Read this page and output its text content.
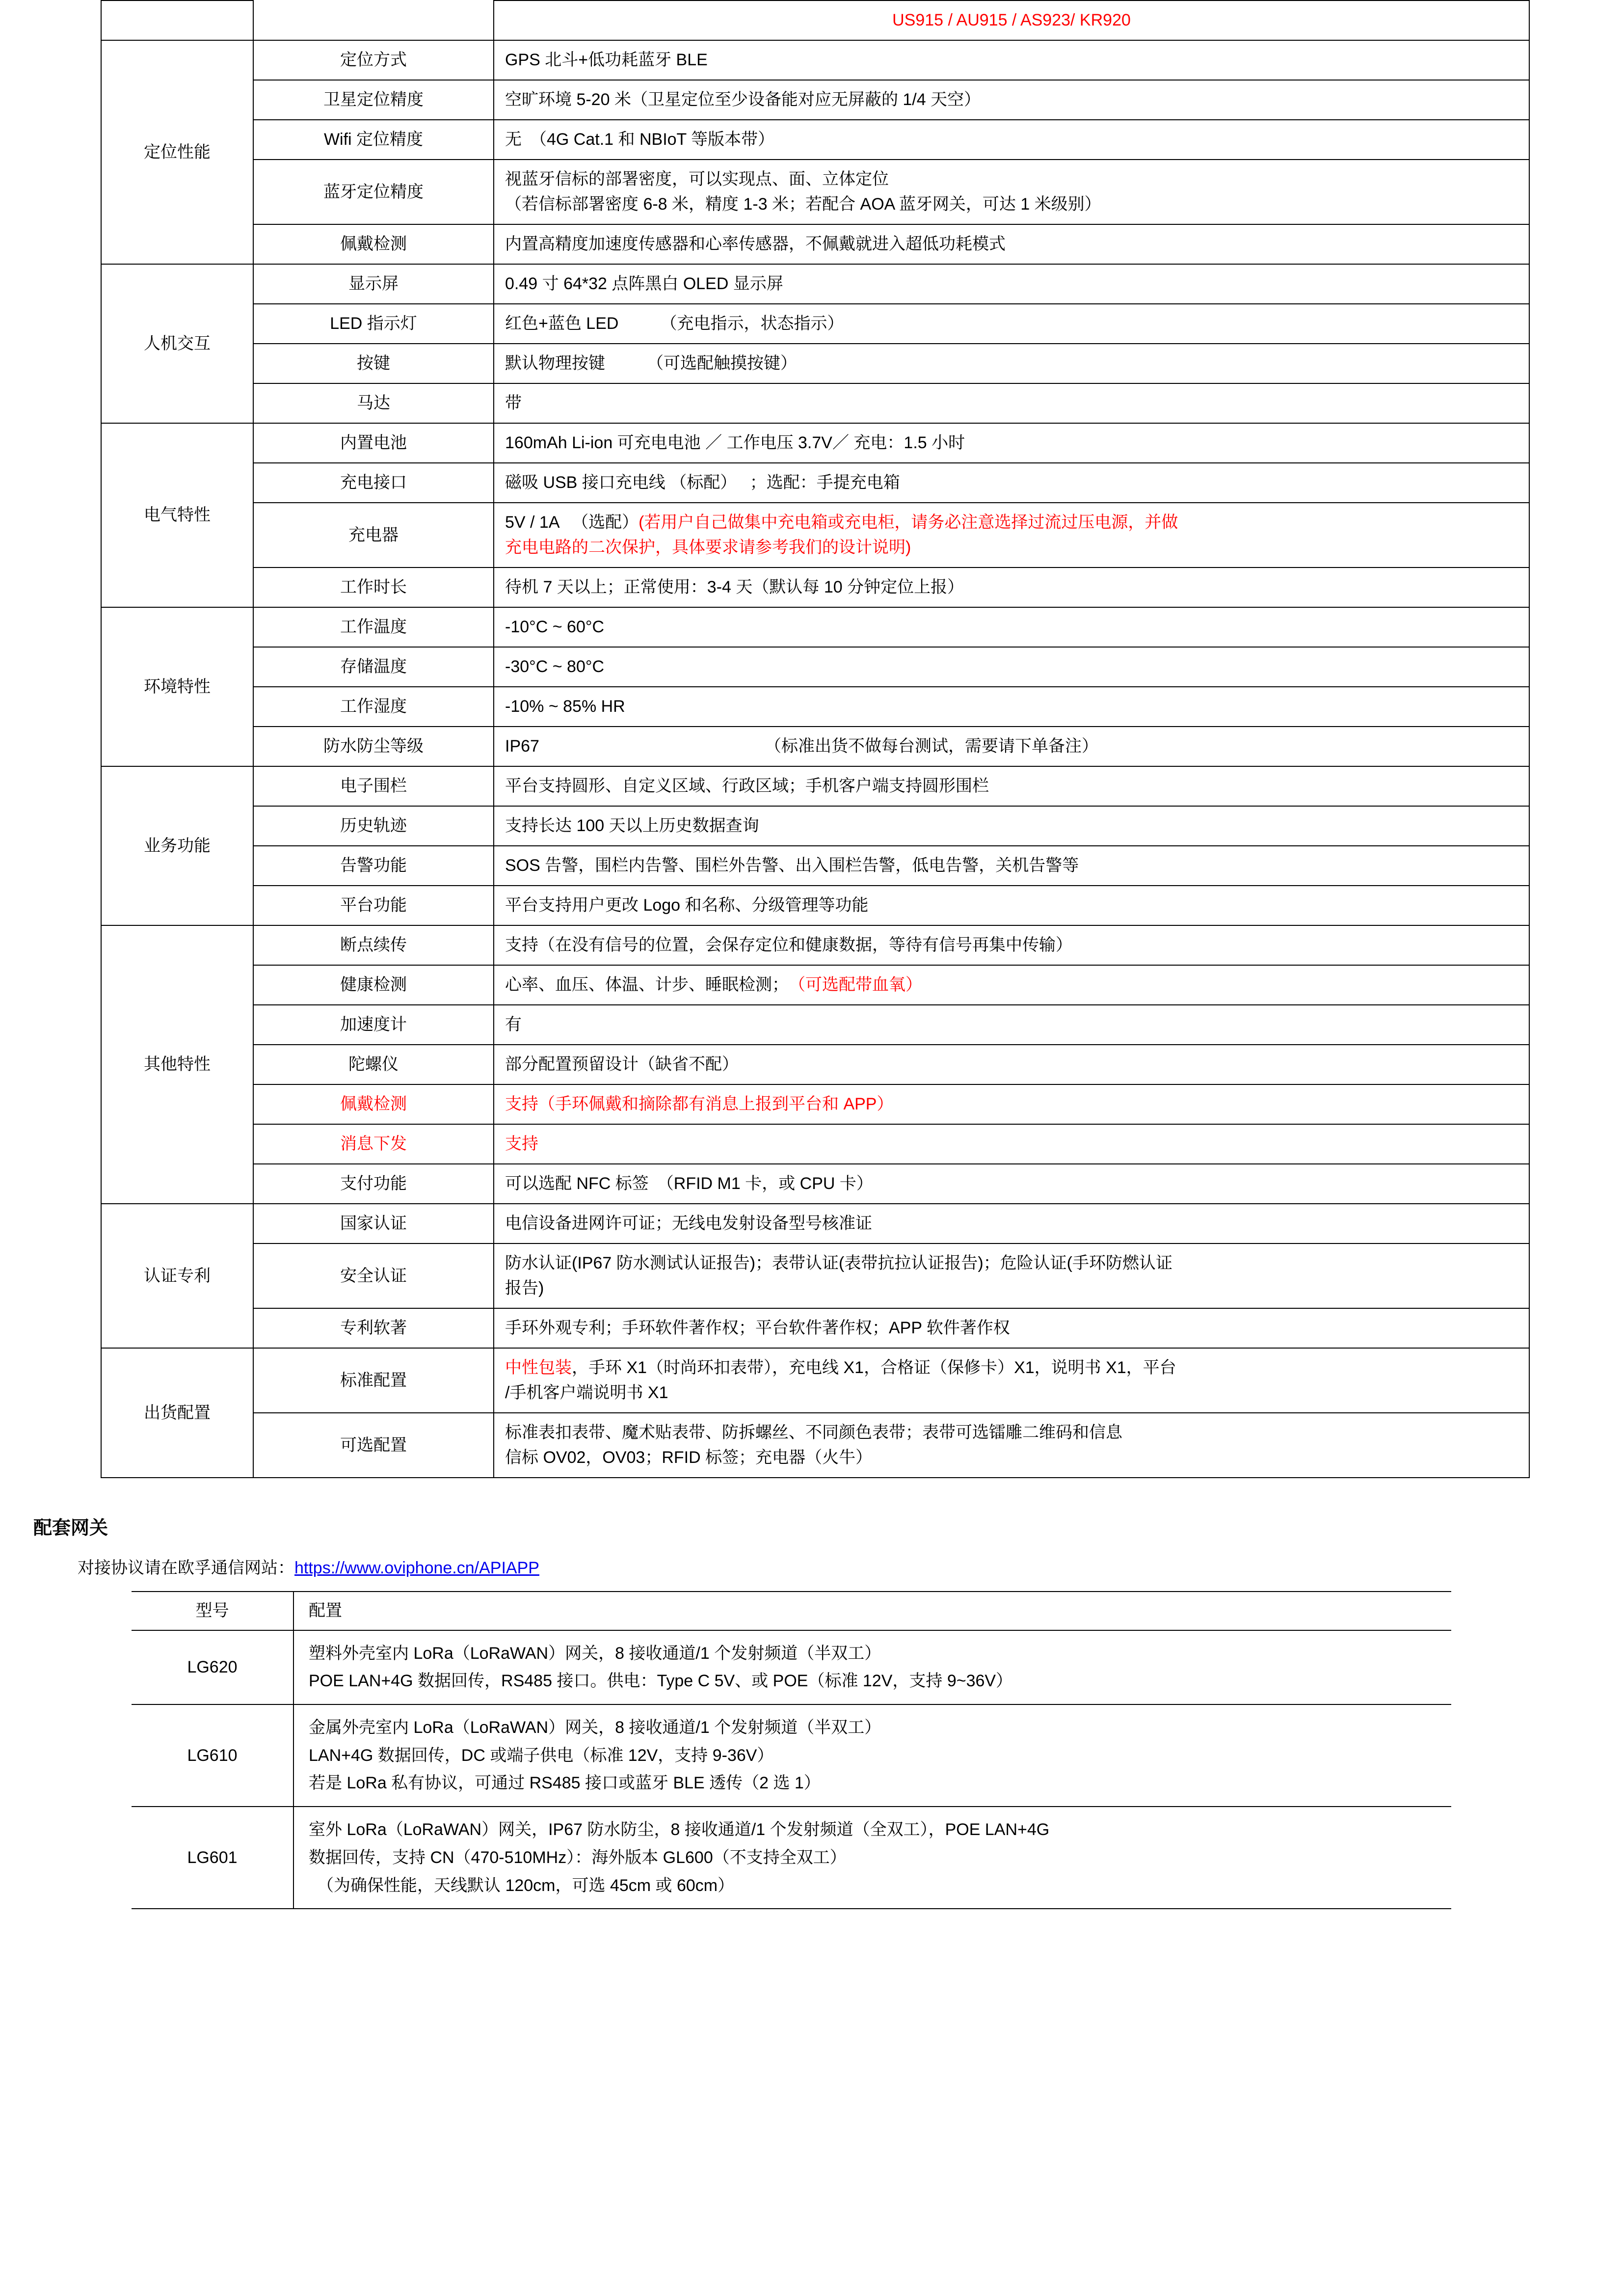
		US915 / AU915 / AS923/ KR920
定位性能	定位方式	GPS 北斗+低功耗蓝牙 BLE

	卫星定位精度	空旷环境 5-20 米（卫星定位至少设备能对应无屏蔽的 1/4 天空）

	Wifi 定位精度	无　（4G Cat.1 和 NBIoT 等版本带）

	蓝牙定位精度	视蓝牙信标的部署密度，可以实现点、面、立体定位
（若信标部署密度 6-8 米，精度 1-3 米；若配合 AOA 蓝牙网关，可达 1 米级别）

	佩戴检测	内置高精度加速度传感器和心率传感器，不佩戴就进入超低功耗模式

人机交互	显示屏	0.49 寸 64*32 点阵黑白 OLED 显示屏

	LED 指示灯	红色+蓝色 LED　　　（充电指示，状态指示）

	按键	默认物理按键　　　（可选配触摸按键）

	马达	带

电气特性	内置电池	160mAh Li-ion 可充电电池 ／ 工作电压 3.7V／ 充电：1.5 小时

	充电接口	磁吸 USB 接口充电线 （标配）　 ；选配：手提充电箱

	充电器	5V / 1A 　（选配）(若用户自己做集中充电箱或充电柜，请务必注意选择过流过压电源，并做
充电电路的二次保护，具体要求请参考我们的设计说明)

	工作时长	待机 7 天以上；正常使用：3-4 天（默认每 10 分钟定位上报）

环境特性	工作温度	-10°C ~ 60°C

	存储温度	-30°C ~ 80°C

	工作湿度	-10% ~ 85% HR

	防水防尘等级	IP67　　　　　　　　　　　　　　（标准出货不做每台测试，需要请下单备注）

业务功能	电子围栏	平台支持圆形、自定义区域、行政区域；手机客户端支持圆形围栏

	历史轨迹	支持长达 100 天以上历史数据查询

	告警功能	SOS 告警，围栏内告警、围栏外告警、出入围栏告警，低电告警，关机告警等

	平台功能	平台支持用户更改 Logo 和名称、分级管理等功能

其他特性	断点续传	支持（在没有信号的位置，会保存定位和健康数据，等待有信号再集中传输）

	健康检测	心率、血压、体温、计步、睡眠检测；　（可选配带血氧）

	加速度计	有

	陀螺仪	部分配置预留设计（缺省不配）

	佩戴检测	支持（手环佩戴和摘除都有消息上报到平台和 APP）

	消息下发	支持

	支付功能	可以选配 NFC 标签　（RFID M1 卡，或 CPU 卡）

认证专利	国家认证	电信设备进网许可证；无线电发射设备型号核准证

	安全认证	防水认证(IP67 防水测试认证报告)；表带认证(表带抗拉认证报告)；危险认证(手环防燃认证
报告)

	专利软著	手环外观专利；手环软件著作权；平台软件著作权；APP 软件著作权

出货配置	标准配置	中性包装，手环 X1（时尚环扣表带），充电线 X1，合格证（保修卡）X1，说明书 X1，平台
/手机客户端说明书 X1

	可选配置	标准表扣表带、魔术贴表带、防拆螺丝、不同颜色表带；表带可选镭雕二维码和信息
信标 OV02，OV03；RFID 标签；充电器（火牛）
配套网关
对接协议请在欧孚通信网站：https://www.oviphone.cn/APIAPP
型号	配置
LG620	塑料外壳室内 LoRa（LoRaWAN）网关，8 接收通道/1 个发射频道（半双工）
POE LAN+4G 数据回传，RS485 接口。供电：Type C 5V、或 POE（标准 12V，支持 9~36V）

LG610	金属外壳室内 LoRa（LoRaWAN）网关，8 接收通道/1 个发射频道（半双工）
LAN+4G 数据回传，DC 或端子供电（标准 12V，支持 9-36V）
若是 LoRa 私有协议，可通过 RS485 接口或蓝牙 BLE 透传（2 选 1）

LG601	室外 LoRa（LoRaWAN）网关，IP67 防水防尘，8 接收通道/1 个发射频道（全双工），POE LAN+4G
数据回传，支持 CN（470-510MHz）：海外版本 GL600（不支持全双工）
　（为确保性能，天线默认 120cm，可选 45cm 或 60cm）
